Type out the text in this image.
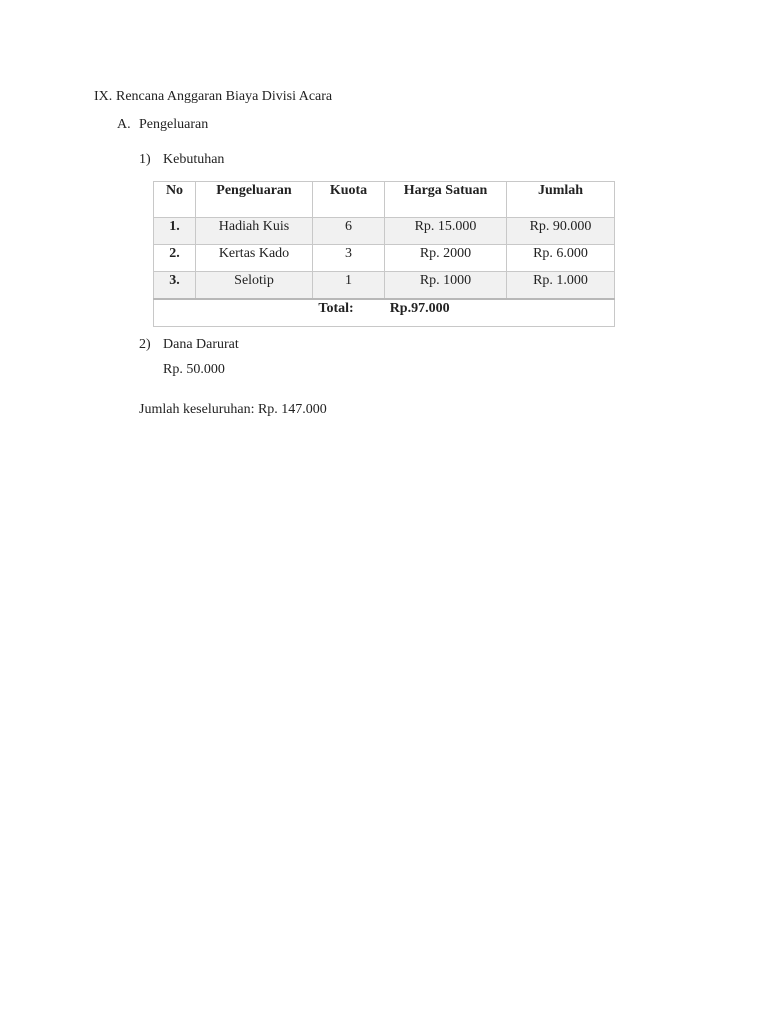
IX. Rencana Anggaran Biaya Divisi Acara
A. Pengeluaran
1) Kebutuhan
No	Pengeluaran	Kuota	Harga Satuan	Jumlah
1.	Hadiah Kuis	6	Rp. 15.000	Rp. 90.000
2.	Kertas Kado	3	Rp. 2000	Rp. 6.000
3.	Selotip	1	Rp. 1000	Rp. 1.000
Total: Rp.97.000				
2) Dana Darurat
Rp. 50.000
Jumlah keseluruhan: Rp. 147.000
